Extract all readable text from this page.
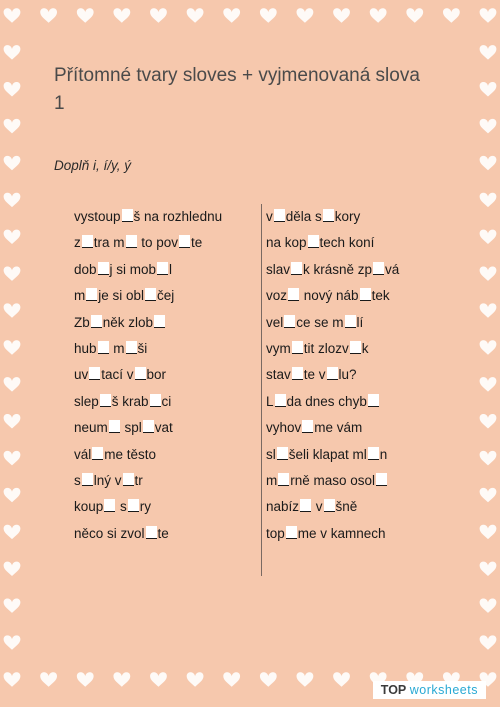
Přítomné tvary sloves + vyjmenovaná slova 1
Doplň i, í/y, ý
vystoup š na rozhlednu
z tra m to pov te
dob j si mob l
m je si obl čej
Zb něk zlob
hub m ši
uv tací v bor
slep š krab ci
neum spl vat
vál me těsto
s lný v tr
koup s ry
něco si zvol te
v děla s kory
na kop tech koní
slav k krásně zp vá
voz nový náb tek
vel ce se m lí
vym tit zlozv k
stav te v lu?
L da dnes chyb
vyhov me vám
sl šeli klapat ml n
m rně maso osol
nabíz v šně
top me v kamnech
TOP worksheets
